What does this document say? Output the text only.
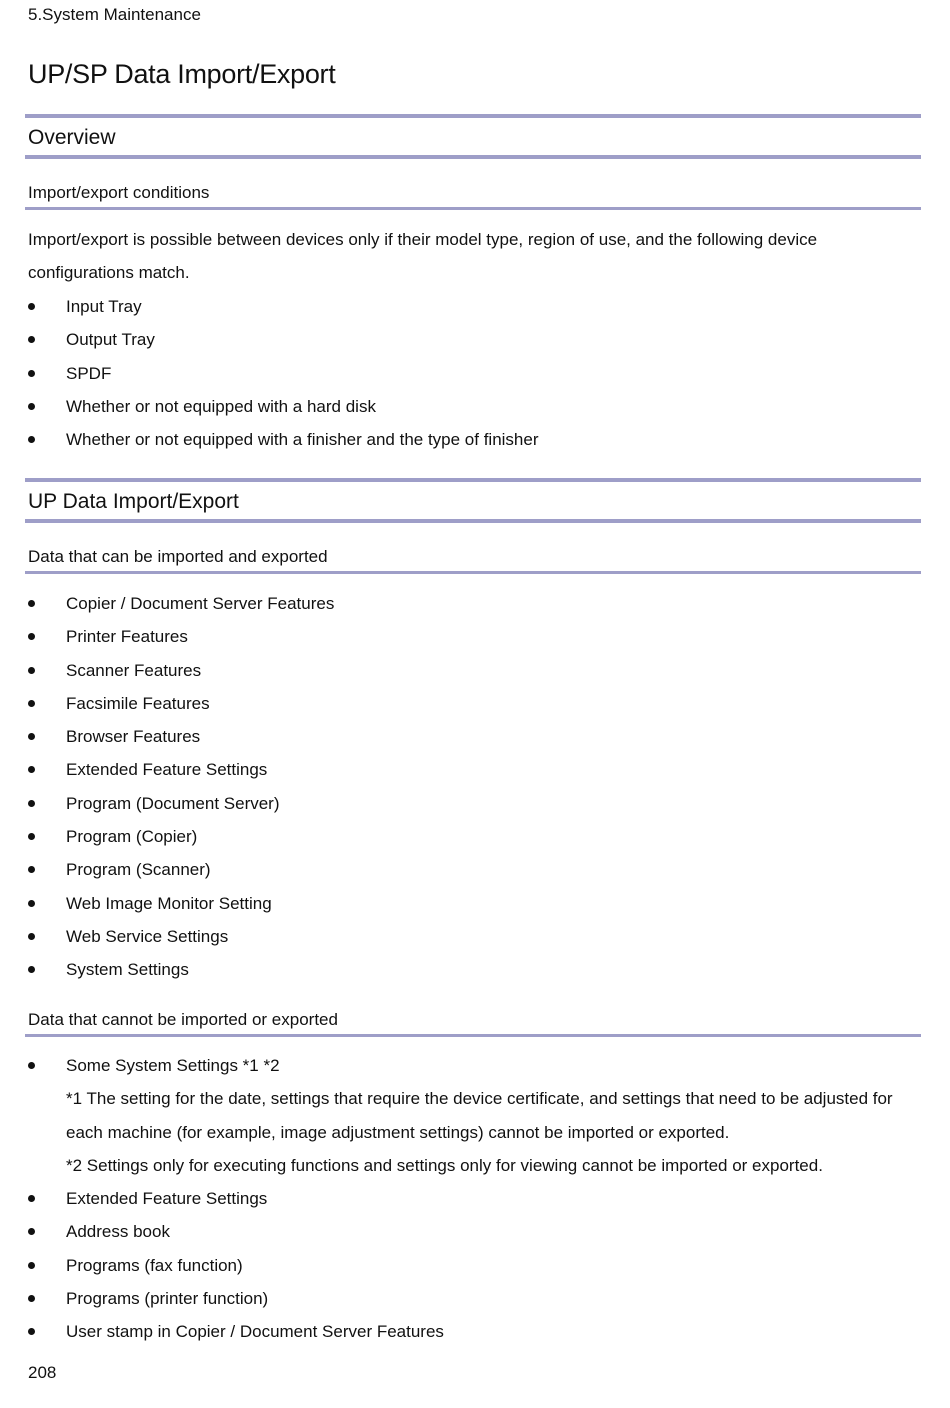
5.System Maintenance
UP/SP Data Import/Export
Overview
Import/export conditions

Import/export is possible between devices only if their model type, region of use, and the following device configurations match.

Input Tray
Output Tray
SPDF
Whether or not equipped with a hard disk
Whether or not equipped with a finisher and the type of finisher
UP Data Import/Export
Data that can be imported and exported
Copier / Document Server Features
Printer Features
Scanner Features
Facsimile Features
Browser Features
Extended Feature Settings
Program (Document Server)
Program (Copier)
Program (Scanner)
Web Image Monitor Setting
Web Service Settings
System Settings
Data that cannot be imported or exported
Some System Settings *1 *2
*1 The setting for the date, settings that require the device certificate, and settings that need to be adjusted for each machine (for example, image adjustment settings) cannot be imported or exported.
*2 Settings only for executing functions and settings only for viewing cannot be imported or exported.
Extended Feature Settings
Address book
Programs (fax function)
Programs (printer function)
User stamp in Copier / Document Server Features
208
